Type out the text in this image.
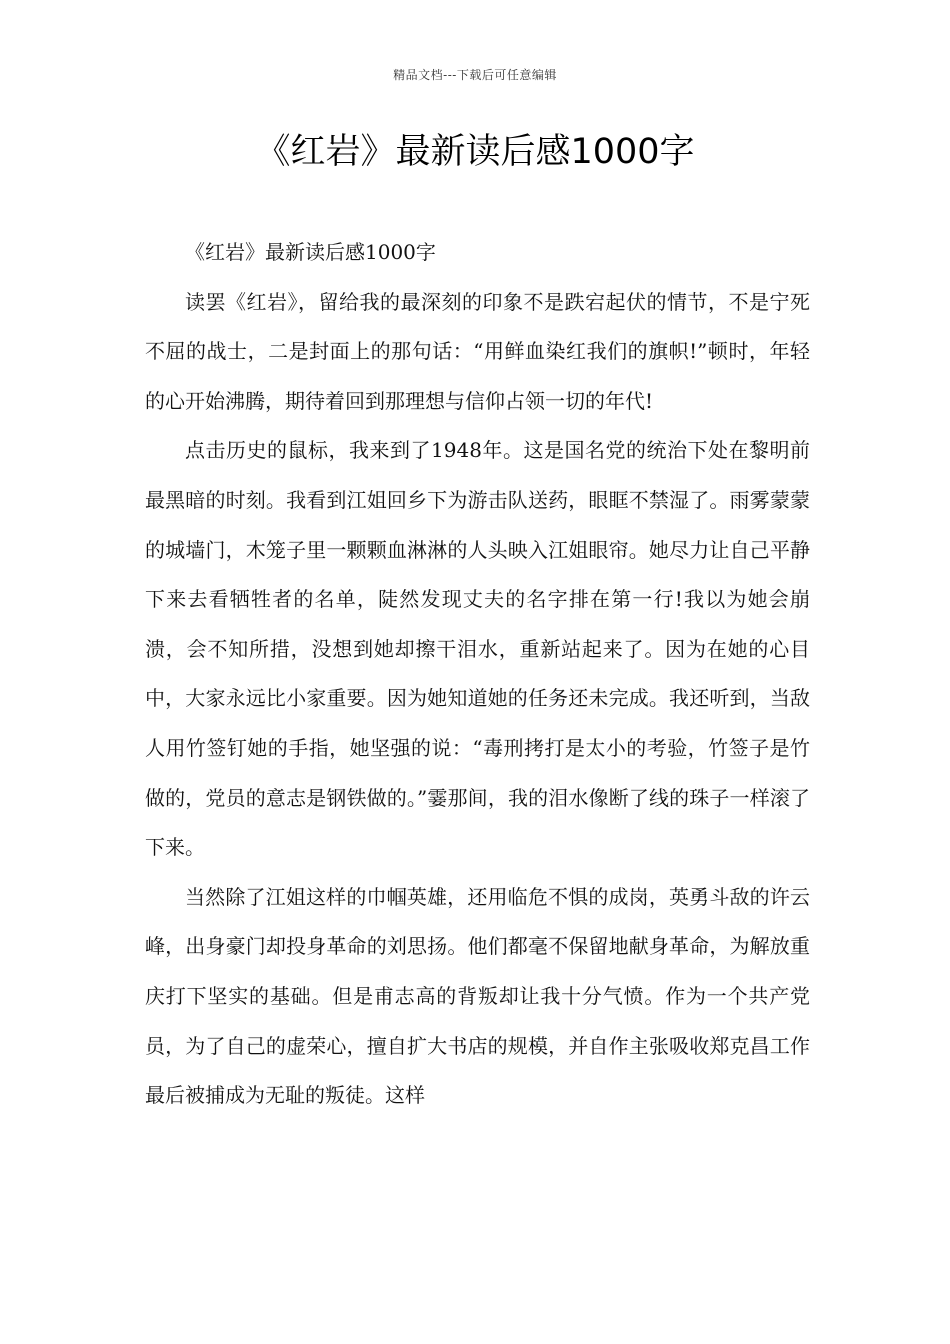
精品文档---下载后可任意编辑
《红岩》最新读后感1000字

《红岩》最新读后感1000字

读罢《红岩》，留给我的最深刻的印象不是跌宕起伏的情节，不是宁死不屈的战士，二是封面上的那句话：“用鲜血染红我们的旗帜!”顿时，年轻的心开始沸腾，期待着回到那理想与信仰占领一切的年代!

点击历史的鼠标，我来到了1948年。这是国名党的统治下处在黎明前最黑暗的时刻。我看到江姐回乡下为游击队送药，眼眶不禁湿了。雨雾蒙蒙的城墙门，木笼子里一颗颗血淋淋的人头映入江姐眼帘。她尽力让自己平静下来去看牺牲者的名单，陡然发现丈夫的名字排在第一行!我以为她会崩溃，会不知所措，没想到她却擦干泪水，重新站起来了。因为在她的心目中，大家永远比小家重要。因为她知道她的任务还未完成。我还听到，当敌人用竹签钉她的手指，她坚强的说：“毒刑拷打是太小的考验，竹签子是竹做的，党员的意志是钢铁做的。”霎那间，我的泪水像断了线的珠子一样滚了下来。

当然除了江姐这样的巾帼英雄，还用临危不惧的成岗，英勇斗敌的许云峰，出身豪门却投身革命的刘思扬。他们都毫不保留地献身革命，为解放重庆打下坚实的基础。但是甫志高的背叛却让我十分气愤。作为一个共产党员，为了自己的虚荣心，擅自扩大书店的规模，并自作主张吸收郑克昌工作最后被捕成为无耻的叛徒。这样
